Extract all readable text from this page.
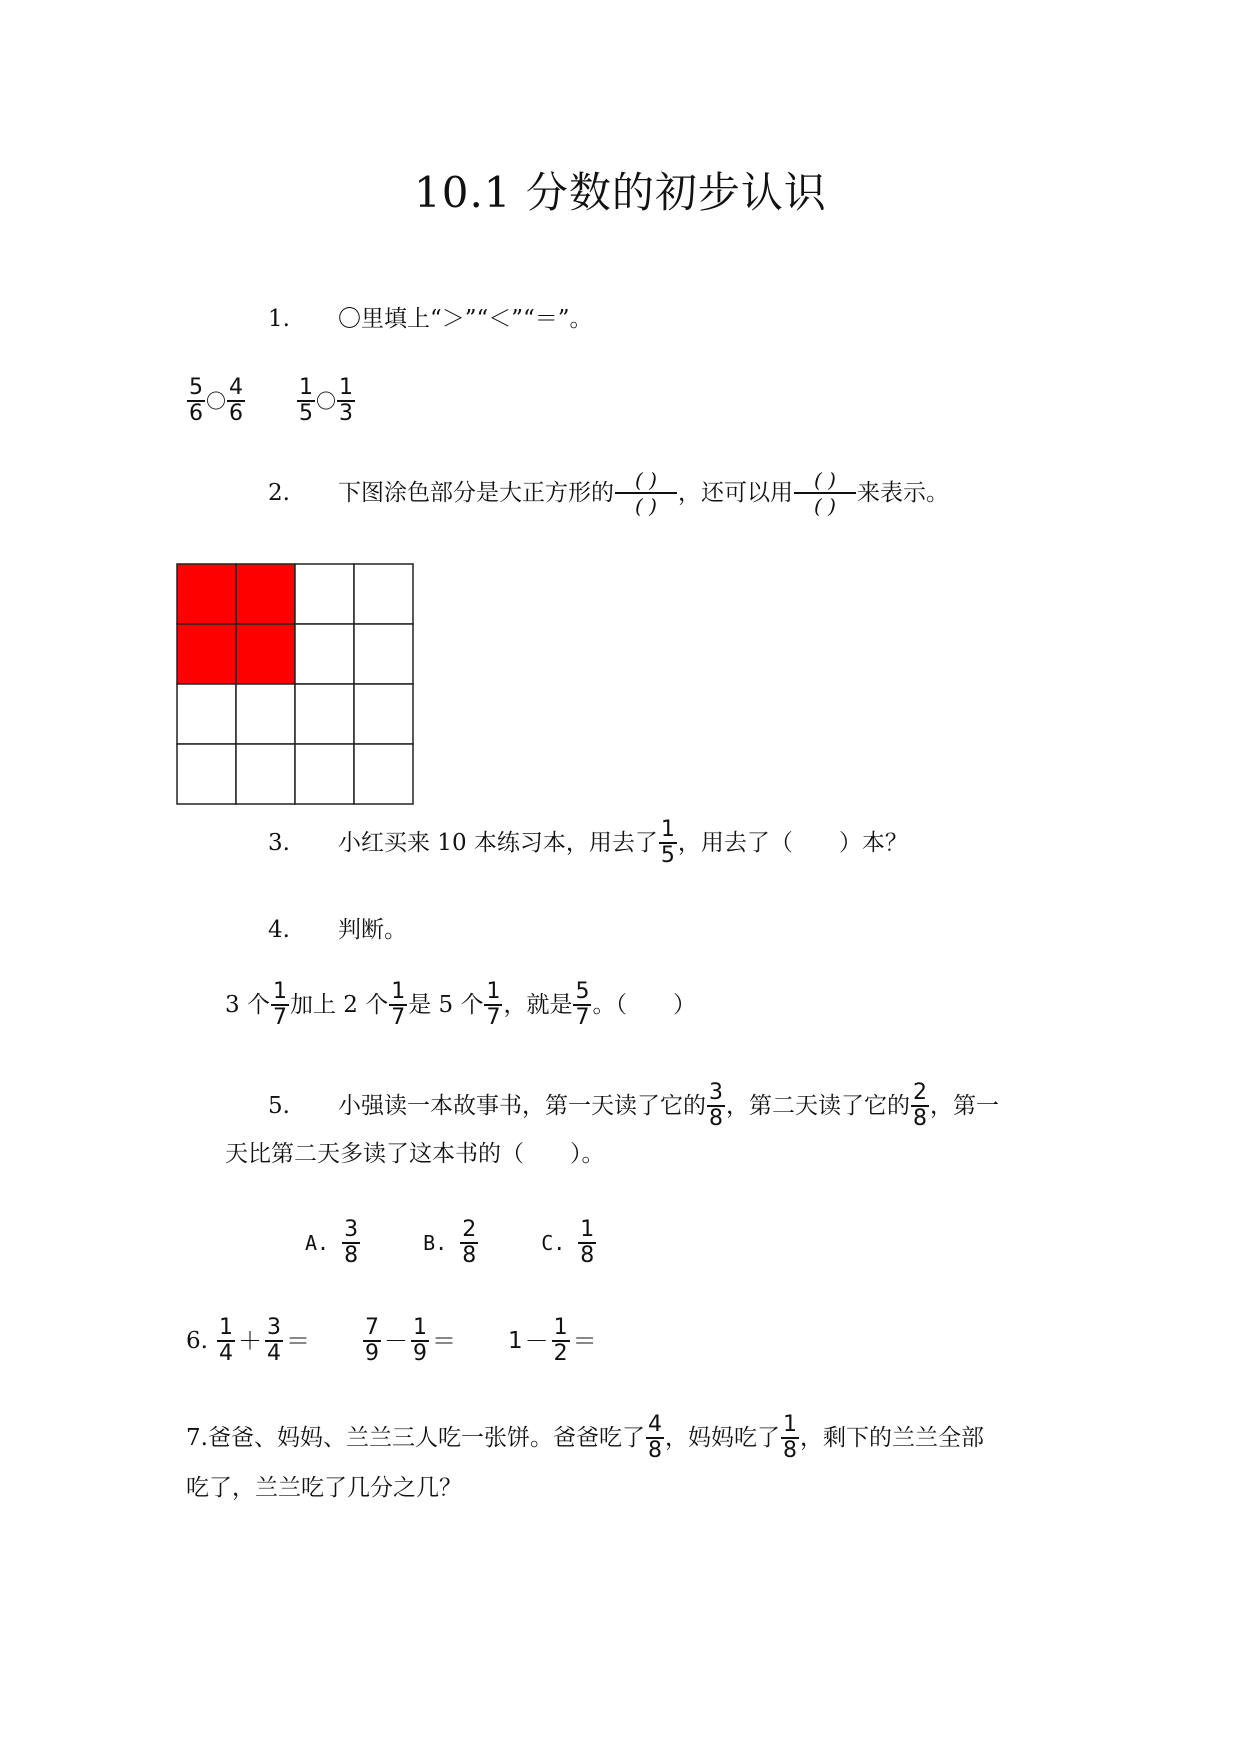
10.1 分数的初步认识
1.	〇里填上“＞”“＜”“＝”。
$\frac{5}{6}$ 〇 $\frac{4}{6} \frac{1}{5}$ 〇 $\frac{1}{3}$
2.	下图涂色部分是大正方形的 $\frac{( )}{( )}$ ，还可以用 $\frac{( )}{( )}$ 来表示。
3.	小红买来 10 本练习本，用去了 $\frac{1}{5}$ ，用去了（　　）本？
4.	判断。
3 个 $\frac{1}{7}$ 加上 2 个 $\frac{1}{7}$ 是 5 个 $\frac{1}{7}$ ，就是 $\frac{5}{7}$ 。（　　）
5.	小强读一本故事书，第一天读了它的 $\frac{3}{8}$ ，第二天读了它的 $\frac{2}{8}$ ，第一
天比第二天多读了这本书的（　　）。
A. $\frac{3}{8}$	B. $\frac{2}{8}$	C. $\frac{1}{8}$
6. $\frac{1}{4} + \frac{3}{4} = \frac{7}{9} - \frac{1}{9} = 1 - \frac{1}{2}$ ＝
7.爸爸、妈妈、兰兰三人吃一张饼。爸爸吃了 $\frac{4}{8}$ ，妈妈吃了 $\frac{1}{8}$ ，剩下的兰兰全部
吃了，兰兰吃了几分之几？
